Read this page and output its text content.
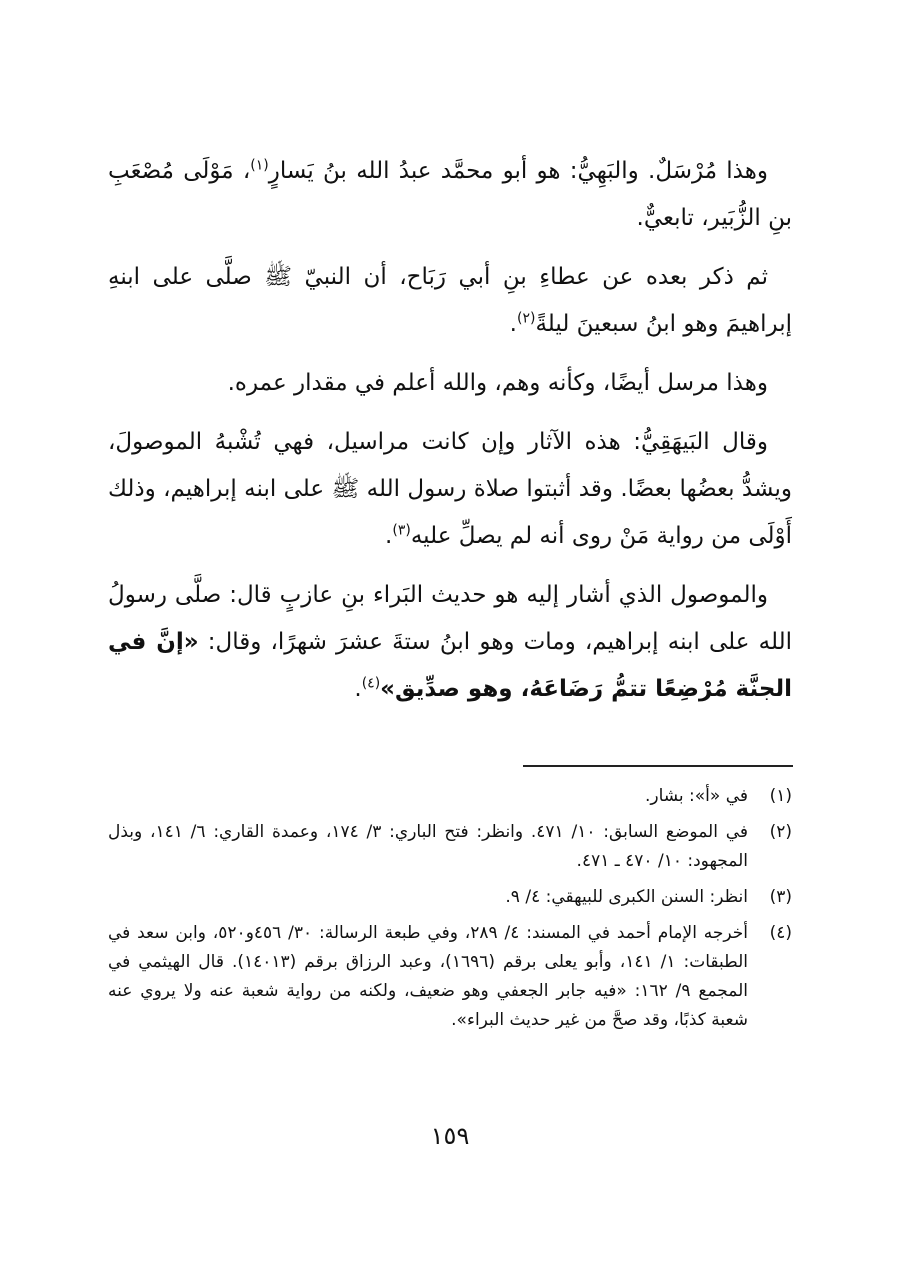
وهذا مُرْسَلٌ. والبَهِيُّ: هو أبو محمَّد عبدُ الله بنُ يَسارٍ$^{(١)}$، مَوْلَى مُصْعَبِ بنِ الزُّبَير، تابعيٌّ.

ثم ذكر بعده عن عطاءِ بنِ أبي رَبَاح، أن النبيّ ﷺ صلَّى على ابنهِ إبراهيمَ وهو ابنُ سبعينَ ليلةً$^{(٢)}$.

وهذا مرسل أيضًا، وكأنه وهم، والله أعلم في مقدار عمره.

وقال البَيهَقِيُّ: هذه الآثار وإن كانت مراسيل، فهي تُشْبهُ الموصولَ، ويشدُّ بعضُها بعضًا. وقد أثبتوا صلاة رسول الله ﷺ على ابنه إبراهيم، وذلك أَوْلَى من رواية مَنْ روى أنه لم يصلِّ عليه$^{(٣)}$.

والموصول الذي أشار إليه هو حديث البَراء بنِ عازبٍ قال: صلَّى رسولُ الله على ابنه إبراهيم، ومات وهو ابنُ ستةَ عشرَ شهرًا، وقال: «إنَّ في الجنَّة مُرْضِعًا تتمُّ رَضَاعَهُ، وهو صدِّيق»$^{(٤)}$.

(١)
في «أ»: بشار.
(٢)
في الموضع السابق: ١٠/ ٤٧١. وانظر: فتح الباري: ٣/ ١٧٤، وعمدة القاري: ٦/ ١٤١، وبذل المجهود: ١٠/ ٤٧٠ ـ ٤٧١.
(٣)
انظر: السنن الكبرى للبيهقي: ٤/ ٩.
(٤)
أخرجه الإمام أحمد في المسند: ٤/ ٢٨٩، وفي طبعة الرسالة: ٣٠/ ٤٥٦و٥٢٠، وابن سعد في الطبقات: ١/ ١٤١، وأبو يعلى برقم (١٦٩٦)، وعبد الرزاق برقم (١٤٠١٣). قال الهيثمي في المجمع ٩/ ١٦٢: «فيه جابر الجعفي وهو ضعيف، ولكنه من رواية شعبة عنه ولا يروي عنه شعبة كذبًا، وقد صحَّ من غير حديث البراء».
١٥٩
